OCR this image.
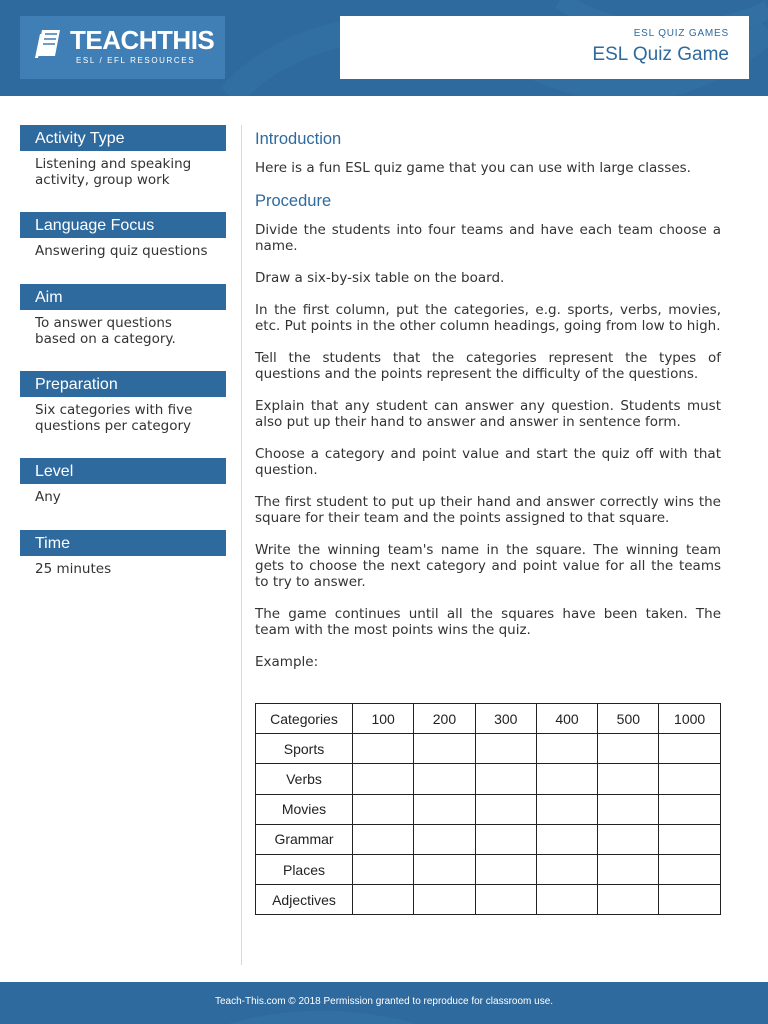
TEACHTHIS
ESL / EFL RESOURCES
ESL QUIZ GAMES
ESL Quiz Game
Activity Type
Listening and speaking
activity, group work
Language Focus
Answering quiz questions
Aim
To answer questions
based on a category.
Preparation
Six categories with five
questions per category
Level
Any
Time
25 minutes
Introduction
Here is a fun ESL quiz game that you can use with large classes.
Procedure
Divide the students into four teams and have each team choose a name.
Draw a six-by-six table on the board.
In the first column, put the categories, e.g. sports, verbs, movies, etc. Put points in the other column headings, going from low to high.
Tell the students that the categories represent the types of questions and the points represent the difficulty of the questions.
Explain that any student can answer any question. Students must also put up their hand to answer and answer in sentence form.
Choose a category and point value and start the quiz off with that question.
The first student to put up their hand and answer correctly wins the square for their team and the points assigned to that square.
Write the winning team's name in the square. The winning team gets to choose the next category and point value for all the teams to try to answer.
The game continues until all the squares have been taken. The team with the most points wins the quiz.
Example:
Categories	100	200	300	400	500	1000
Sports						
Verbs						
Movies						
Grammar						
Places						
Adjectives						
Teach-This.com © 2018 Permission granted to reproduce for classroom use.
